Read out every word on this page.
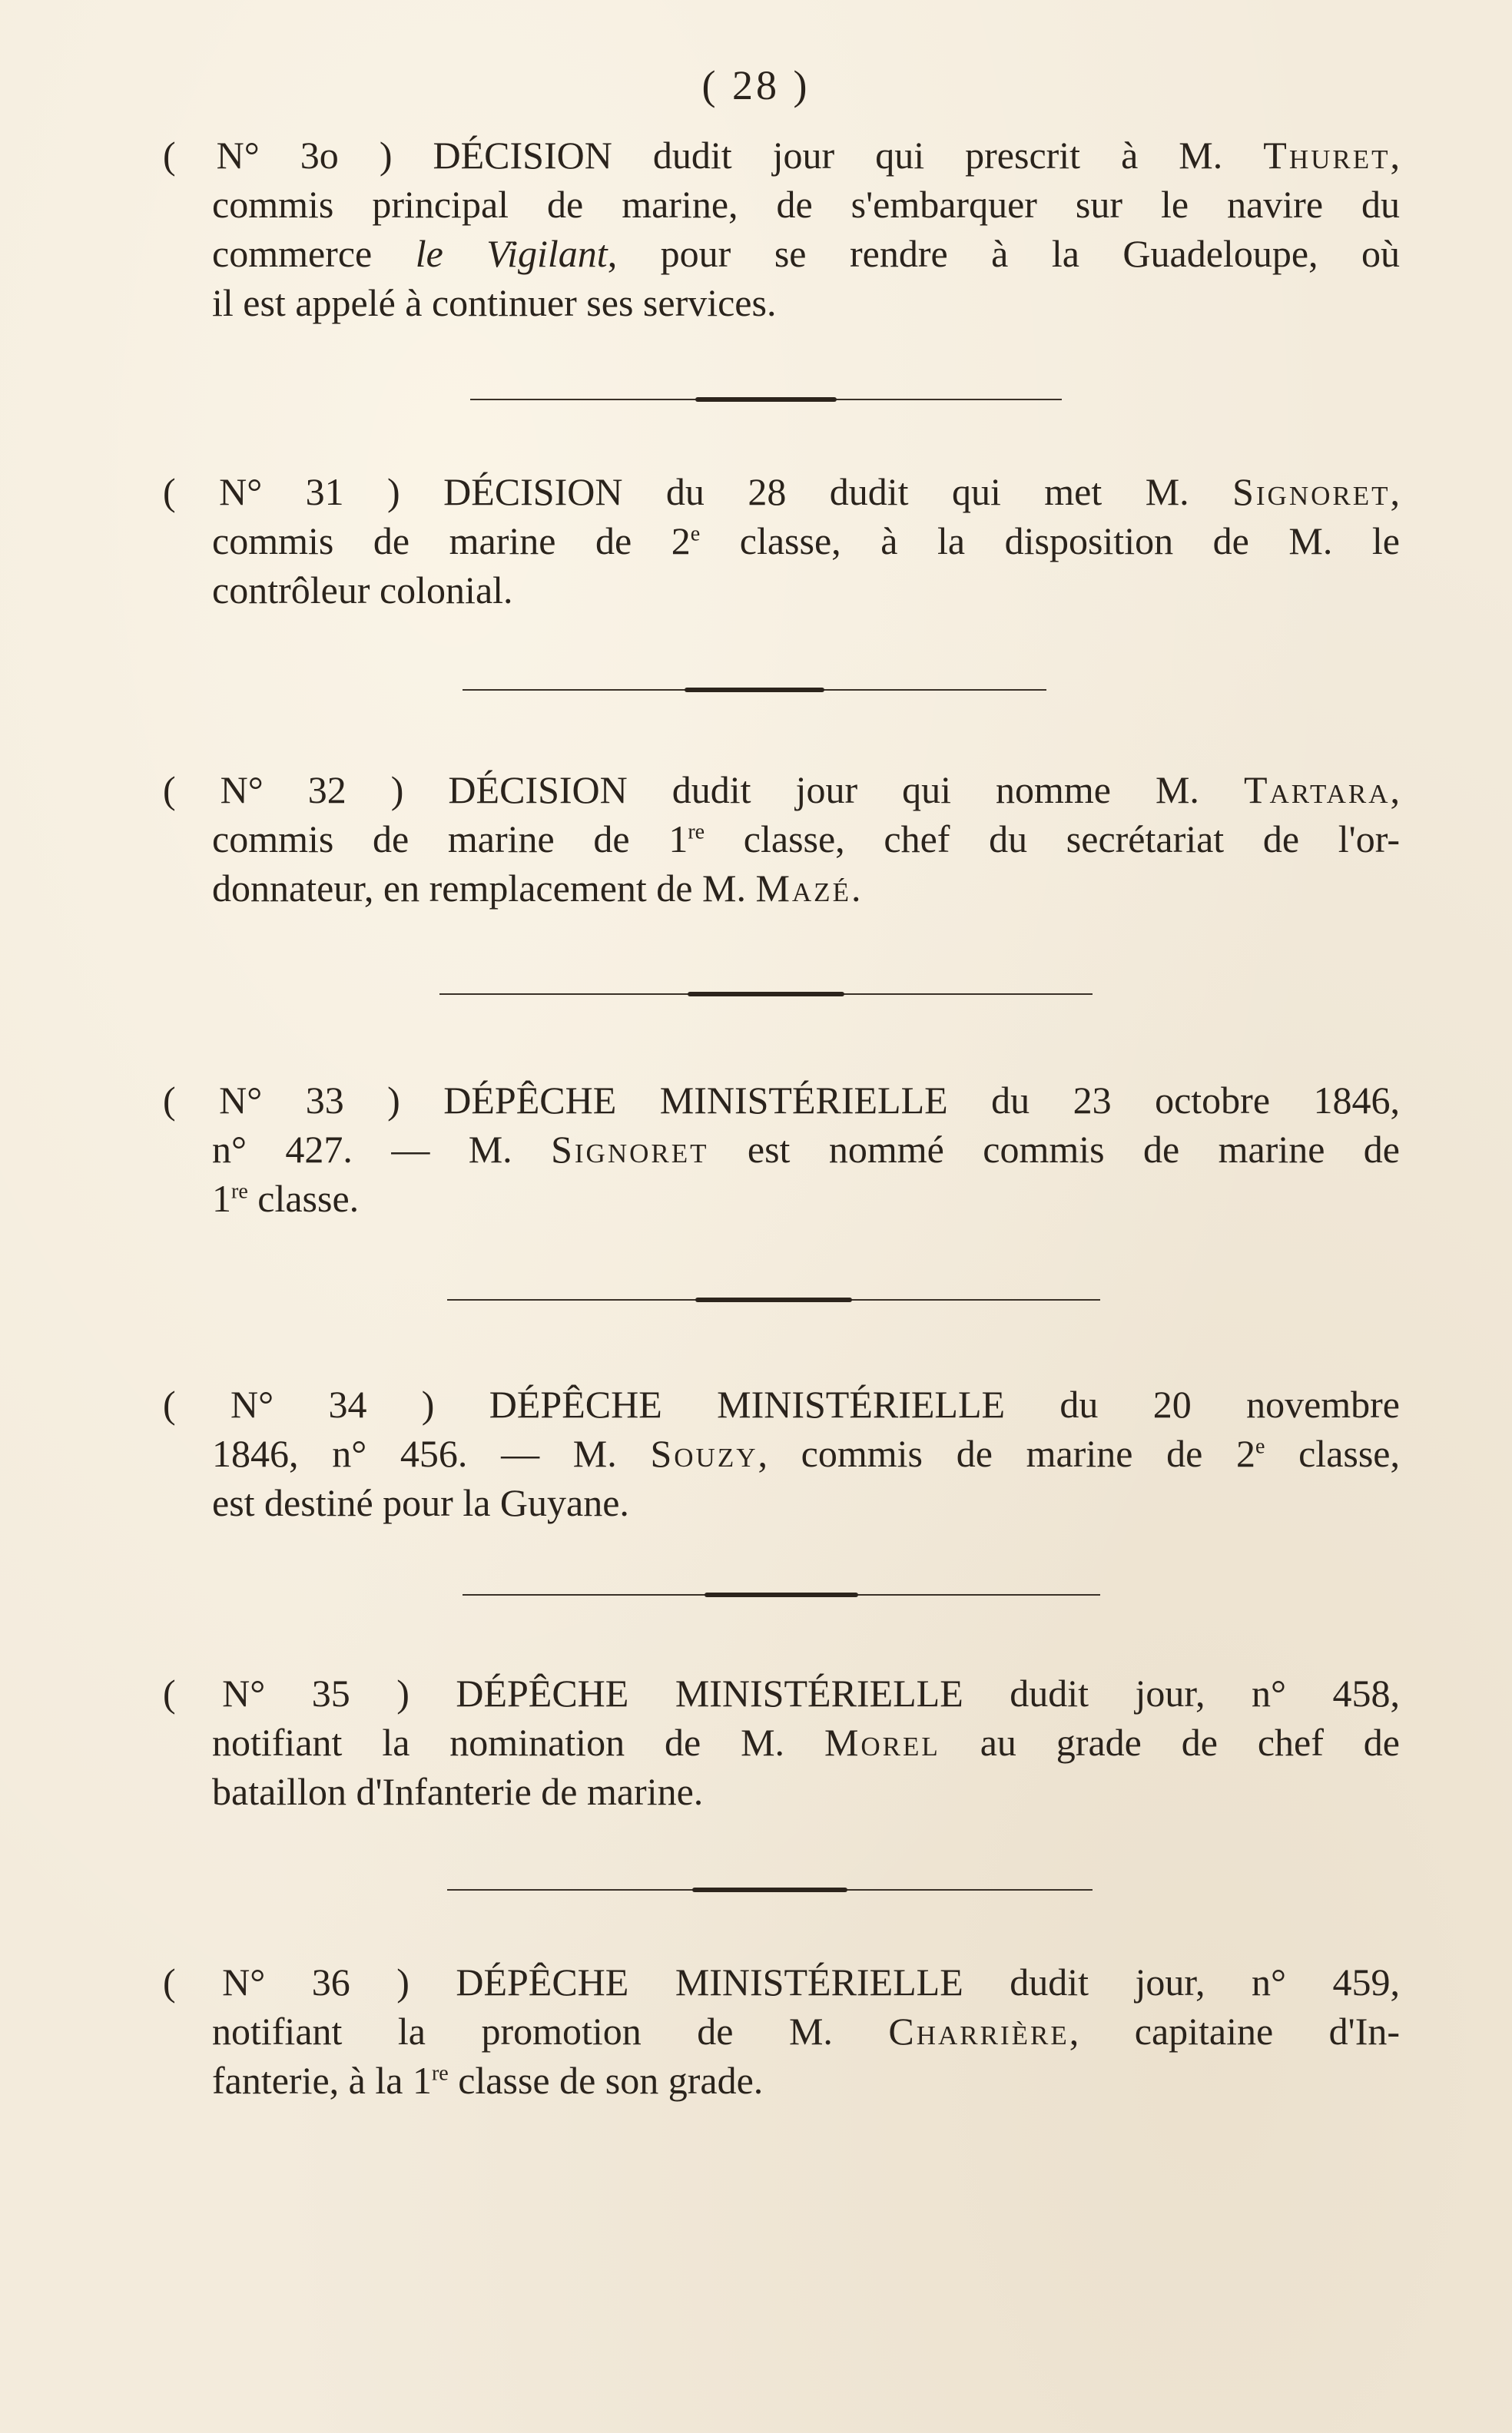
( 28 )
( N° 3o ) DÉCISION dudit jour qui prescrit à M. Thuret,
commis principal de marine, de s'embarquer sur le navire du
commerce le Vigilant, pour se rendre à la Guadeloupe, où
il est appelé à continuer ses services.
( N° 31 ) DÉCISION du 28 dudit qui met M. Signoret,
commis de marine de 2e classe, à la disposition de M. le
contrôleur colonial.
( N° 32 ) DÉCISION dudit jour qui nomme M. Tartara,
commis de marine de 1re classe, chef du secrétariat de l'or-
donnateur, en remplacement de M. Mazé.
( N° 33 ) DÉPÊCHE MINISTÉRIELLE du 23 octobre 1846,
n° 427. — M. Signoret est nommé commis de marine de
1re classe.
( N° 34 ) DÉPÊCHE MINISTÉRIELLE du 20 novembre
1846, n° 456. — M. Souzy, commis de marine de 2e classe,
est destiné pour la Guyane.
( N° 35 ) DÉPÊCHE MINISTÉRIELLE dudit jour, n° 458,
notifiant la nomination de M. Morel au grade de chef de
bataillon d'Infanterie de marine.
( N° 36 ) DÉPÊCHE MINISTÉRIELLE dudit jour, n° 459,
notifiant la promotion de M. Charrière, capitaine d'In-
fanterie, à la 1re classe de son grade.
